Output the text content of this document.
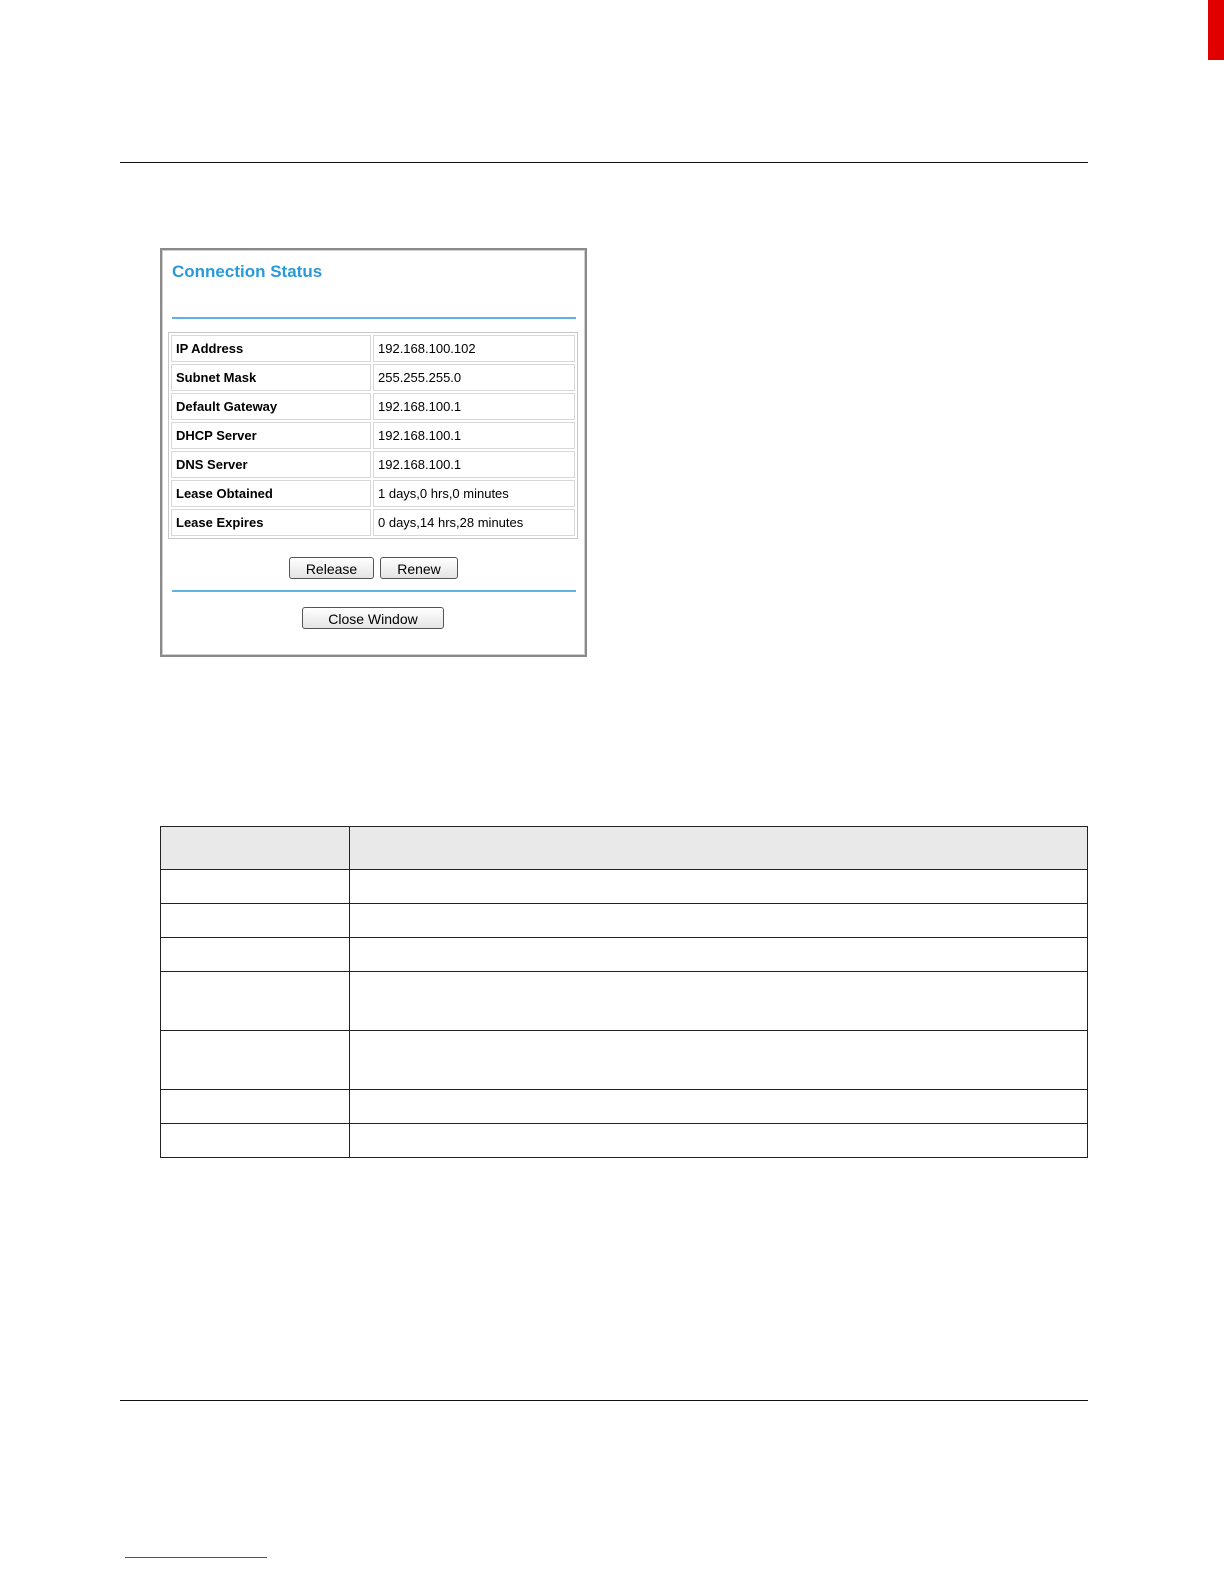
Connection Status
IP Address	192.168.100.102
Subnet Mask	255.255.255.0
Default Gateway	192.168.100.1
DHCP Server	192.168.100.1
DNS Server	192.168.100.1
Lease Obtained	1 days,0 hrs,0 minutes
Lease Expires	0 days,14 hrs,28 minutes
Release	Renew
Close Window
